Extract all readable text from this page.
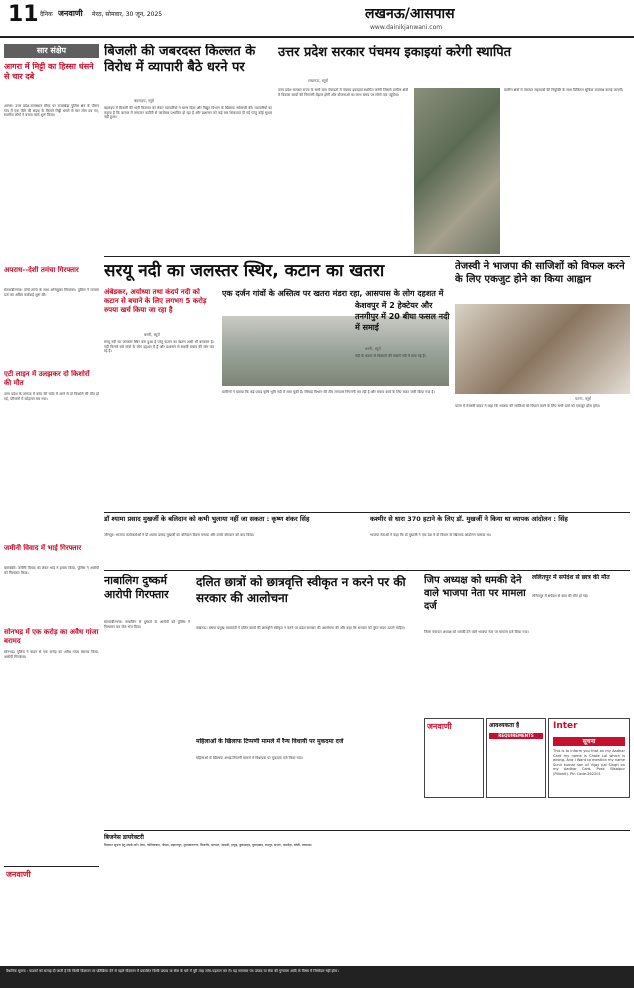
11 दैनिक जनवाणी मेरठ, सोमवार, 30 जून, 2025	लखनऊ/आसपास
www.dainikjanwani.com
सार संक्षेप
आगरा में मिट्टी का हिस्सा धंसने से चार दबे
आगरा। उत्तर प्रदेश-राजस्थान सीमा पर राजाखेड़ा पुलिस क्षेत्र के पौरान गांव में एक पीले की सड़क के किनारे मिट्टी धंसने से चार लोग दब गए, स्थानीय लोगों ने बचाव कार्य शुरू किया।
अपराध--देशी तमंचा गिरफ्तार
संतकबीरनगर। दोनों तमंचे के साथ अभियुक्त गिरफ्तार। पुलिस ने मामला दर्ज कर अग्रिम कार्रवाई शुरू की।
एटी लाइन में उलझकर दो किशोरों की मौत
उत्तर प्रदेश के जनपद में करंट की चपेट में आने से दो किशोरों की मौत हो गई, परिजनों में कोहराम मच गया।
जमीनी विवाद में भाई गिरफ्तार
बाराबंकी। जमीनी विवाद को लेकर भाई ने हमला किया, पुलिस ने आरोपी को गिरफ्तार किया।
सोनभद्र में एक करोड़ का अवैध गांजा बरामद
सोनभद्र। पुलिस ने वाहन से एक करोड़ का अवैध गांजा बरामद किया, आरोपी गिरफ्तार।
बिजली की जबरदस्त किल्लत के विरोध में व्यापारी बैठे धरने पर
बहराइच, ब्यूरो
बहराइच में बिजली की भारी किल्लत को लेकर व्यापारियों ने धरना दिया और विद्युत विभाग के खिलाफ नारेबाजी की। व्यापारियों का कहना है कि बाजार में लगातार कटौती से कारोबार प्रभावित हो रहा है और प्रशासन को कई बार शिकायत दी गई परंतु कोई सुधार नहीं हुआ।
उत्तर प्रदेश सरकार पंचमय इकाइयां करेगी स्थापित
लखनऊ, ब्यूरो
उत्तर प्रदेश सरकार राज्य के सभी ग्राम पंचायतों में पंचमय इकाइयां स्थापित करेगी जिससे ग्रामीण क्षेत्रों में विकास कार्यों की निगरानी बेहतर होगी और योजनाओं का लाभ समय पर लोगों तक पहुंचेगा।
ग्रामीण क्षेत्रों में पंचायत सहायकों की नियुक्ति के साथ डिजिटल सुविधा उपलब्ध कराई जाएगी।
सरयू नदी का जलस्तर स्थिर, कटान का खतरा
अंबेडकर, अयोध्या तथा कंदर्प नदी को कटान से बचाने के लिए लगभग 5 करोड़ रुपया खर्च किया जा रहा है
एक दर्जन गांवों के अस्तित्व पर खतरा मंडरा रहा, आसपास के लोग दहशत में
बस्ती, ब्यूरो
सरयू नदी का जलस्तर स्थिर बना हुआ है परंतु कटान का खतरा अभी भी बरकरार है। नदी किनारे बसे गांवों के लोग दहशत में हैं और प्रशासन से स्थायी बचाव की मांग कर रहे हैं।
ग्रामीणों ने बताया कि कई एकड़ कृषि भूमि नदी में समा चुकी है। सिंचाई विभाग की टीम लगातार निगरानी कर रही है और बचाव कार्य के लिए बजट जारी किया गया है।
तेजस्वी ने भाजपा की साजिशों को विफल करने के लिए एकजुट होने का किया आह्वान
पटना, ब्यूरो
पटना में तेजस्वी यादव ने कहा कि भाजपा की साजिशों को विफल करने के लिए सभी दलों को एकजुट होना होगा।
केशवपुर में 2 हेक्टेयर और तनगीपुर में 20 बीघा फसल नदी में समाई
बस्ती, ब्यूरो
नदी के कटान से किसानों की फसलें नदी में समा गई हैं।
डॉ श्यामा प्रसाद मुखर्जी के बलिदान को कभी भुलाया नहीं जा सकता : कृष्ण शंकर सिंह
जौनपुर। भाजपा कार्यकर्ताओं ने डॉ श्यामा प्रसाद मुखर्जी का बलिदान दिवस मनाया और उनके योगदान को याद किया।
कश्मीर से धारा 370 हटाने के लिए डॉ. मुखर्जी ने किया था व्यापक आंदोलन : सिंह
भाजपा नेताओं ने कहा कि डॉ मुखर्जी ने एक देश में दो विधान के खिलाफ आंदोलन चलाया था।
नाबालिग दुष्कर्म आरोपी गिरफ्तार
संतकबीरनगर। नाबालिग से दुष्कर्म के आरोपी को पुलिस ने गिरफ्तार कर जेल भेज दिया।
दलित छात्रों को छात्रवृत्ति स्वीकृत न करने पर की सरकार की आलोचना
लखनऊ। बसपा प्रमुख मायावती ने दलित छात्रों की छात्रवृत्ति स्वीकृत न करने पर प्रदेश सरकार की आलोचना की और कहा कि सरकार को तुरंत कदम उठाने चाहिए।
महिलाओं के खिलाफ टिप्पणी मामले में रैन्य विधायी पर मुकदमा दर्ज
महिलाओं के खिलाफ अभद्र टिप्पणी मामले में विधायक पर मुकदमा दर्ज किया गया।
जिप अध्यक्ष को धमकी देने वाले भाजपा नेता पर मामला दर्ज
जिला पंचायत अध्यक्ष को धमकी देने वाले भाजपा नेता पर मामला दर्ज किया गया।
ललितपुर में सर्पदंश से छात्र की मौत
ललितपुर में सर्पदंश से छात्र की मौत हो गई।
जनवाणी	आवश्यकता है
REQUIREMENTS
Inter
सूचना
This is to inform you that on my Aadhar Card my name is Chote Lal which is wrong. And I Want to mention my name Sunil kumar son of Vijay pal Singh on my Aadhar Card. Post: Bisalpur (Pilibhit). Pin Code-262201
बिजनेस डायरेक्टरी
विज्ञापन सूचना हेतु संपर्क करें। मेरठ, गाजियाबाद, नोएडा, सहारनपुर, मुजफ्फरनगर, बिजनौर, बागपत, शामली, हापुड़, बुलंदशहर, मुरादाबाद, रामपुर, संभल, अमरोहा, बरेली, लखनऊ।
जनवाणी
वैधानिक सूचना : पाठकों को सलाह दी जाती है कि किसी विज्ञापन पर प्रतिक्रिया देने से पहले विज्ञापन में प्रकाशित किसी उत्पाद या सेवा के बारे में पूरी तरह जांच-पड़ताल कर लें। यह समाचार पत्र उत्पाद या सेवा की गुणवत्ता आदि के विषय में जिम्मेदार नहीं होगा।
